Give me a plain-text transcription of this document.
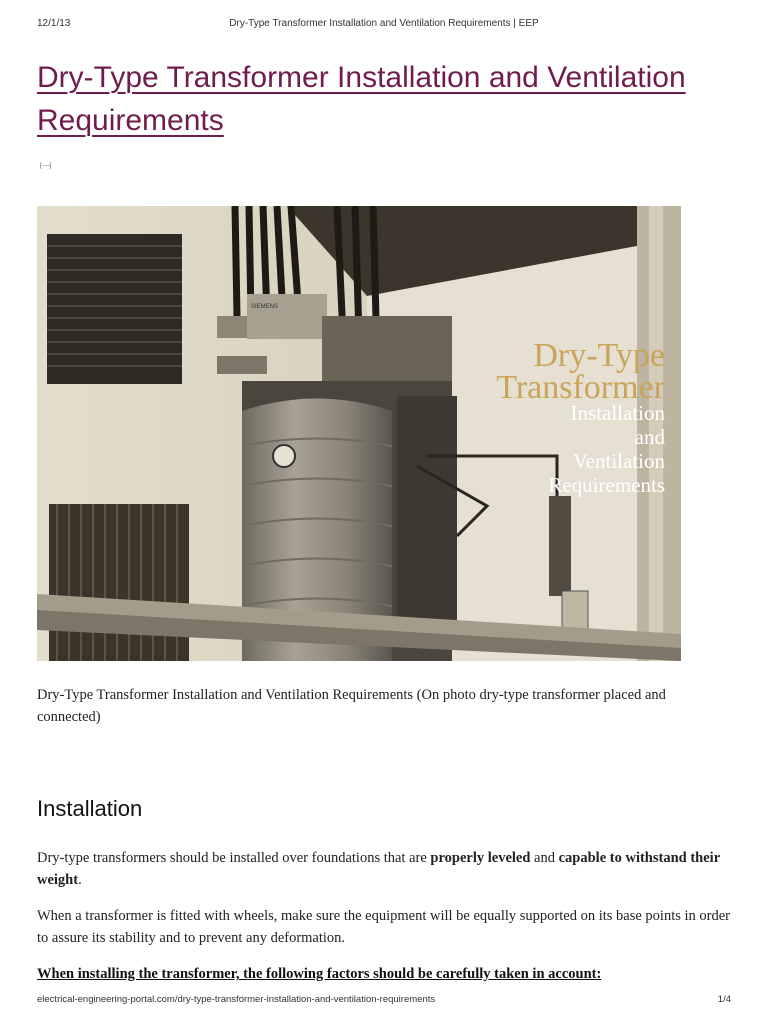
12/1/13	Dry-Type Transformer Installation and Ventilation Requirements | EEP
Dry-Type Transformer Installation and Ventilation Requirements
[----]
Dry-Type
Transformer
Installation
and
Ventilation
Requirements
SIEMENS

Dry-Type Transformer Installation and Ventilation Requirements (On photo dry-type transformer placed and connected)

Installation

Dry-type transformers should be installed over foundations that are properly leveled and capable to withstand their weight.

When a transformer is fitted with wheels, make sure the equipment will be equally supported on its base points in order to assure its stability and to prevent any deformation.

When installing the transformer, the following factors should be carefully taken in account:

electrical-engineering-portal.com/dry-type-transformer-installation-and-ventilation-requirements	1/4
